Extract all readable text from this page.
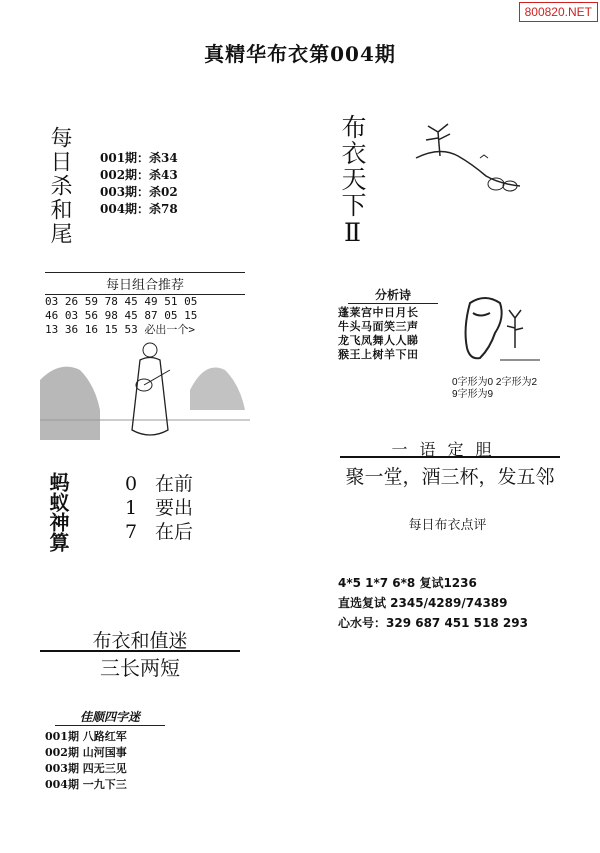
800820.NET
真精华布衣第004期
每日杀和尾 001期：杀34
002期：杀43
003期：杀02
004期：杀78	布衣天下Ⅱ
每日组合推荐
03 26 59 78 45 49 51 05
46 03 56 98 45 87 05 15
13 36 16 15 53 必出一个>
分析诗
蓬莱宫中日月长
牛头马面笑三声
龙飞凤舞人人睇
猴王上树羊下田
0字形为0 2字形为2
9字形为9
蚂蚁神算	0 在前
1 要出
7 在后
一语定胆
聚一堂，酒三杯，发五邻
每日布衣点评
4*5 1*7 6*8 复试1236
直选复试 2345/4289/74389
心水号：329 687 451 518 293
布衣和值迷
三长两短
佳顺四字迷
001期 八路红军
002期 山河国事
003期 四无三见
004期 一九下三
